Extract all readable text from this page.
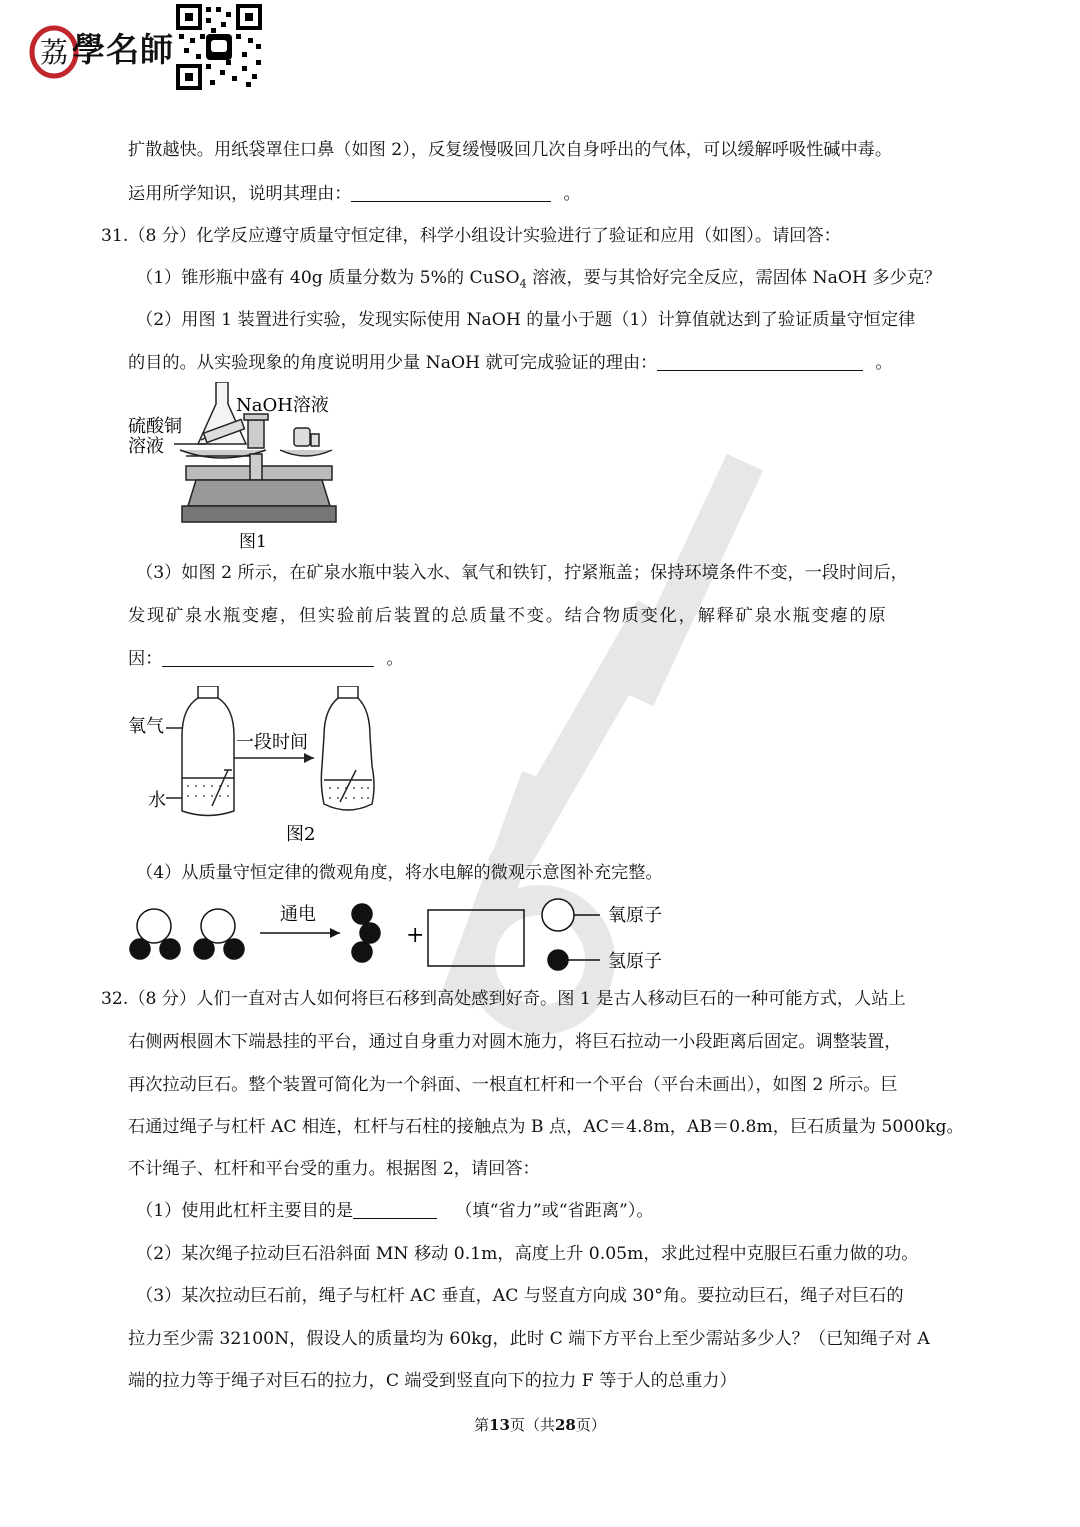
荔 學名師
扩散越快。用纸袋罩住口鼻（如图 2），反复缓慢吸回几次自身呼出的气体，可以缓解呼吸性碱中毒。
运用所学知识，说明其理由：	。
31.（8 分）化学反应遵守质量守恒定律，科学小组设计实验进行了验证和应用（如图）。请回答：
（1）锥形瓶中盛有 40g 质量分数为 5%的 CuSO$_4$ 溶液，要与其恰好完全反应，需固体 NaOH 多少克？
（2）用图 1 装置进行实验，发现实际使用 NaOH 的量小于题（1）计算值就达到了验证质量守恒定律
的目的。从实验现象的角度说明用少量 NaOH 就可完成验证的理由：	。
NaOH溶液
硫酸铜
溶液
图1
（3）如图 2 所示，在矿泉水瓶中装入水、氧气和铁钉，拧紧瓶盖；保持环境条件不变，一段时间后，
发现矿泉水瓶变瘪，但实验前后装置的总质量不变。结合物质变化，解释矿泉水瓶变瘪的原
因：	。
氧气
水
一段时间
图2
（4）从质量守恒定律的微观角度，将水电解的微观示意图补充完整。
通电
+
氧原子
氢原子
32.（8 分）人们一直对古人如何将巨石移到高处感到好奇。图 1 是古人移动巨石的一种可能方式，人站上
右侧两根圆木下端悬挂的平台，通过自身重力对圆木施力，将巨石拉动一小段距离后固定。调整装置，
再次拉动巨石。整个装置可简化为一个斜面、一根直杠杆和一个平台（平台未画出），如图 2 所示。巨
石通过绳子与杠杆 AC 相连，杠杆与石柱的接触点为 B 点，AC＝4.8m，AB＝0.8m，巨石质量为 5000kg。
不计绳子、杠杆和平台受的重力。根据图 2，请回答：
（1）使用此杠杆主要目的是	（填“省力”或“省距离”）。
（2）某次绳子拉动巨石沿斜面 MN 移动 0.1m，高度上升 0.05m，求此过程中克服巨石重力做的功。
（3）某次拉动巨石前，绳子与杠杆 AC 垂直，AC 与竖直方向成 30°角。要拉动巨石，绳子对巨石的
拉力至少需 32100N，假设人的质量均为 60kg，此时 C 端下方平台上至少需站多少人？（已知绳子对 A
端的拉力等于绳子对巨石的拉力，C 端受到竖直向下的拉力 F 等于人的总重力）
第13页（共28页）
